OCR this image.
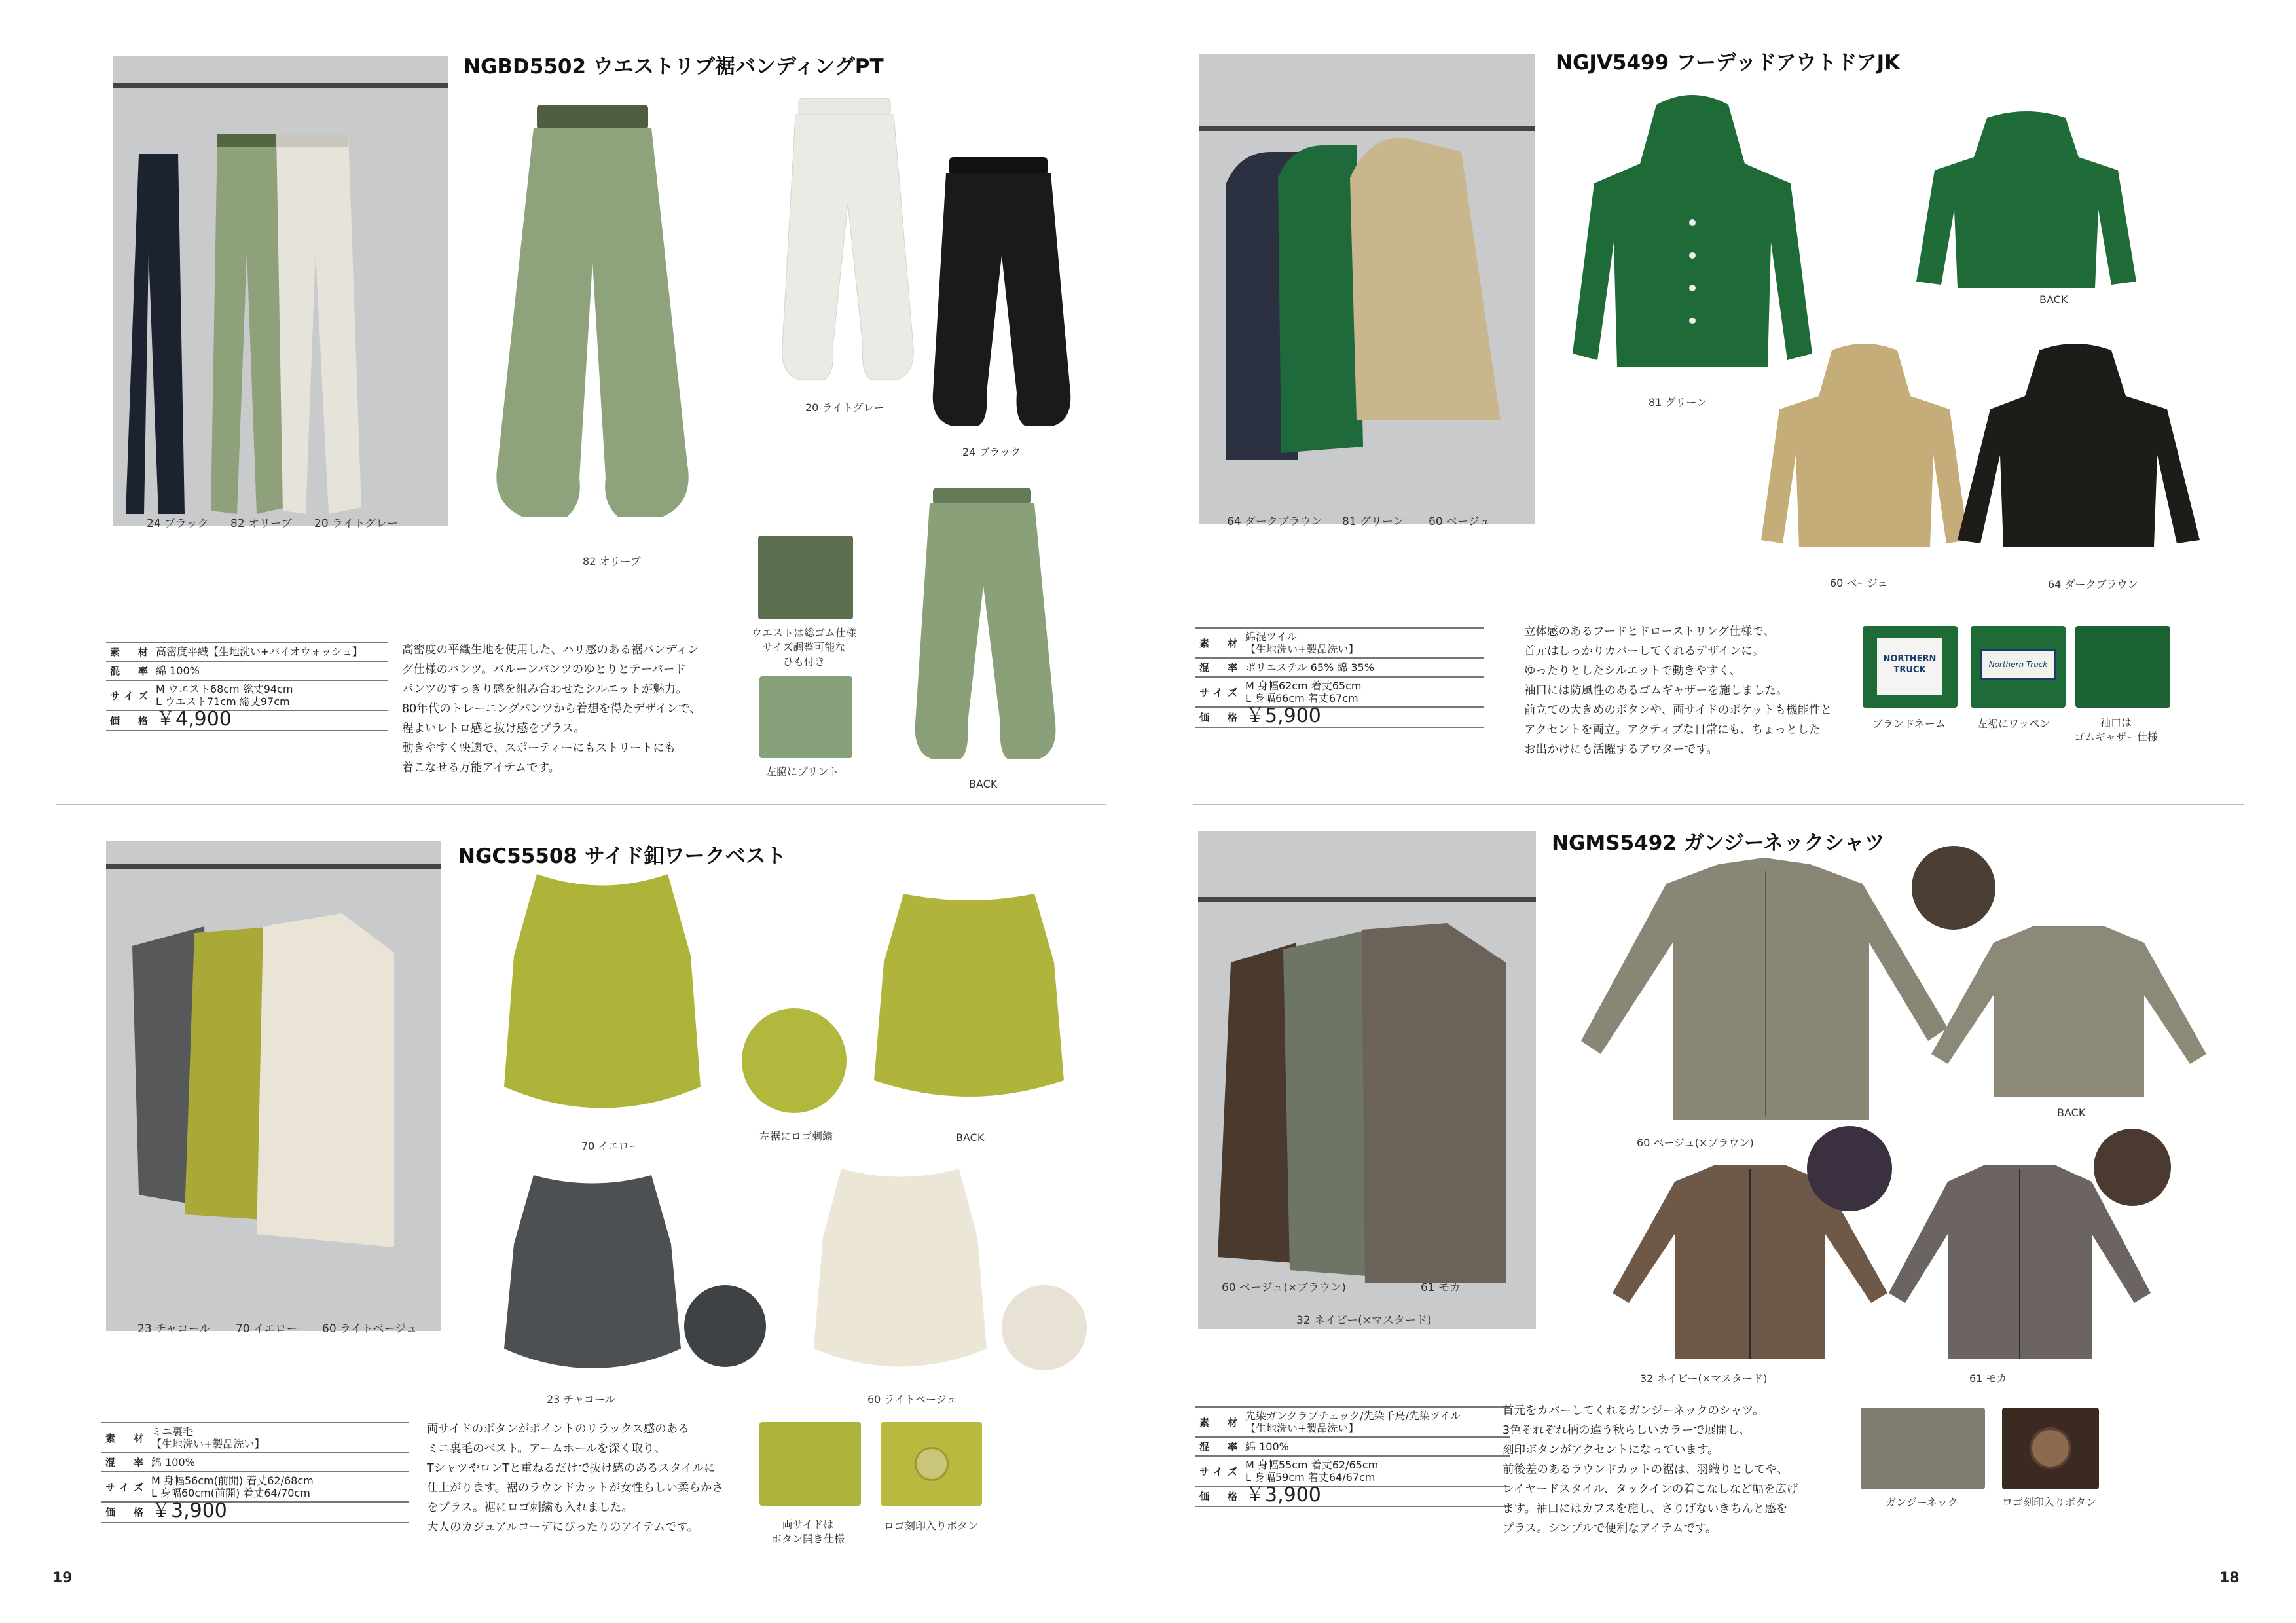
24 ブラック 82 オリーブ 20 ライトグレー
NGBD5502 ウエストリブ裾バンディングPT
82 オリーブ
20 ライトグレー
24 ブラック
ウエストは総ゴム仕様
サイズ調整可能な
ひも付き
左脇にプリント
BACK
素 材	高密度平織【生地洗い+バイオウォッシュ】
混 率	綿 100%
サイズ	M ウエスト68cm 総丈94cm
L ウエスト71cm 総丈97cm

価 格	￥4,900
高密度の平織生地を使用した、ハリ感のある裾バンディン
グ仕様のパンツ。バルーンパンツのゆとりとテーパード
パンツのすっきり感を組み合わせたシルエットが魅力。
80年代のトレーニングパンツから着想を得たデザインで、
程よいレトロ感と抜け感をプラス。
動きやすく快適で、スポーティーにもストリートにも
着こなせる万能アイテムです。
64 ダークブラウン 81 グリーン 60 ベージュ
NGJV5499 フーデッドアウトドアJK
81 グリーン
BACK
60 ベージュ	64 ダークブラウン
NORTHERN
TRUCK
ブランドネーム
Northern Truck
左裾にワッペン	袖口は
ゴムギャザー仕様
素 材	綿混ツイル
【生地洗い+製品洗い】

混 率	ポリエステル 65% 綿 35%
サイズ	M 身幅62cm 着丈65cm
L 身幅66cm 着丈67cm

価 格	￥5,900
立体感のあるフードとドローストリング仕様で、
首元はしっかりカバーしてくれるデザインに。
ゆったりとしたシルエットで動きやすく、
袖口には防風性のあるゴムギャザーを施しました。
前立ての大きめのボタンや、両サイドのポケットも機能性と
アクセントを両立。アクティブな日常にも、ちょっとした
お出かけにも活躍するアウターです。
23 チャコール 70 イエロー 60 ライトベージュ
NGC55508 サイド釦ワークベスト
70 イエロー
左裾にロゴ刺繍	BACK
23 チャコール	60 ライトベージュ
両サイドは
ボタン開き仕様
ロゴ刻印入りボタン
素 材	ミニ裏毛
【生地洗い+製品洗い】

混 率	綿 100%
サイズ	M 身幅56cm(前開) 着丈62/68cm
L 身幅60cm(前開) 着丈64/70cm

価 格	￥3,900
両サイドのボタンがポイントのリラックス感のある
ミニ裏毛のベスト。アームホールを深く取り、
TシャツやロンTと重ねるだけで抜け感のあるスタイルに
仕上がります。裾のラウンドカットが女性らしい柔らかさ
をプラス。裾にロゴ刺繍も入れました。
大人のカジュアルコーデにぴったりのアイテムです。
19
60 ベージュ(×ブラウン)	61 モカ
32 ネイビー(×マスタード)
NGMS5492 ガンジーネックシャツ
60 ベージュ(×ブラウン)
BACK
32 ネイビー(×マスタード)	61 モカ
ガンジーネック	ロゴ刻印入りボタン
素 材	先染ガンクラブチェック/先染千鳥/先染ツイル
【生地洗い+製品洗い】

混 率	綿 100%
サイズ	M 身幅55cm 着丈62/65cm
L 身幅59cm 着丈64/67cm

価 格	￥3,900
首元をカバーしてくれるガンジーネックのシャツ。
3色それぞれ柄の違う秋らしいカラーで展開し、
刻印ボタンがアクセントになっています。
前後差のあるラウンドカットの裾は、羽織りとしてや、
レイヤードスタイル、タックインの着こなしなど幅を広げ
ます。袖口にはカフスを施し、さりげないきちんと感を
プラス。シンプルで便利なアイテムです。
18
